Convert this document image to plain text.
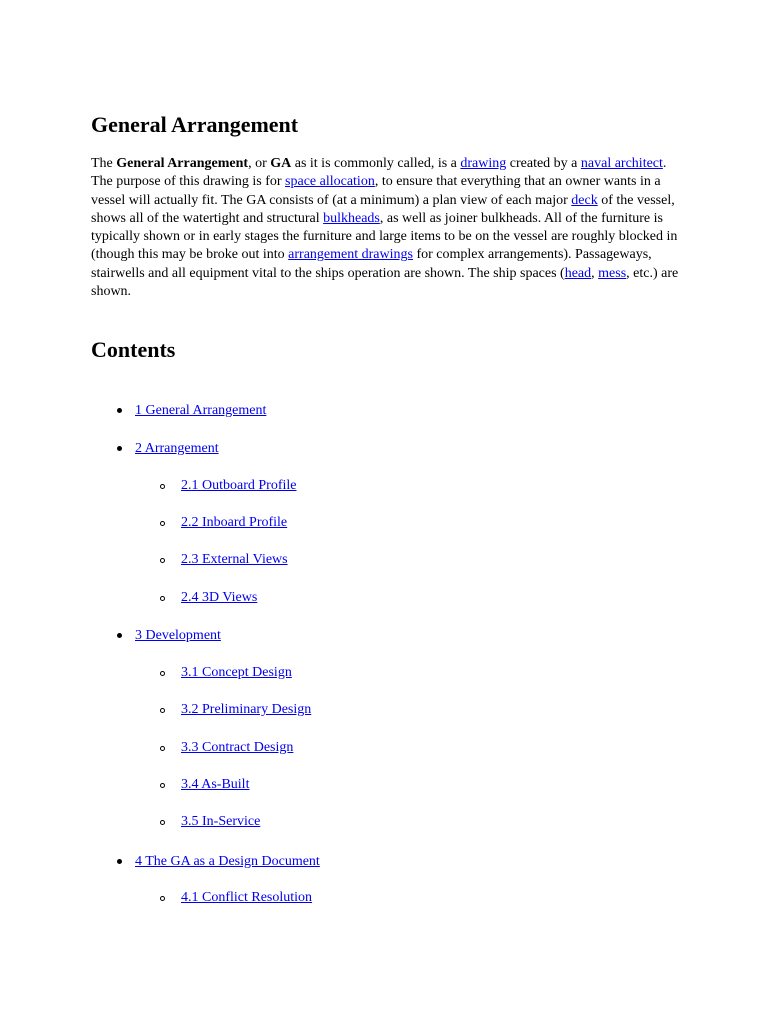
General Arrangement

The General Arrangement, or GA as it is commonly called, is a drawing created by a naval architect. The purpose of this drawing is for space allocation, to ensure that everything that an owner wants in a vessel will actually fit. The GA consists of (at a minimum) a plan view of each major deck of the vessel, shows all of the watertight and structural bulkheads, as well as joiner bulkheads. All of the furniture is typically shown or in early stages the furniture and large items to be on the vessel are roughly blocked in (though this may be broke out into arrangement drawings for complex arrangements). Passageways, stairwells and all equipment vital to the ships operation are shown. The ship spaces (head, mess, etc.) are shown.

Contents
1 General Arrangement
2 Arrangement
2.1 Outboard Profile
2.2 Inboard Profile
2.3 External Views
2.4 3D Views
3 Development
3.1 Concept Design
3.2 Preliminary Design
3.3 Contract Design
3.4 As-Built
3.5 In-Service
4 The GA as a Design Document
4.1 Conflict Resolution
